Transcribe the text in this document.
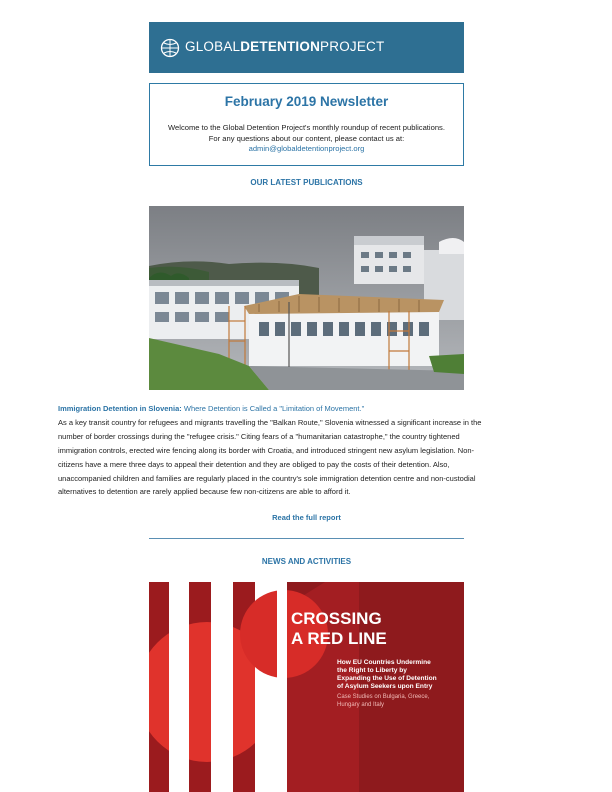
GLOBALDETENTIONPROJECT
February 2019 Newsletter
Welcome to the Global Detention Project's monthly roundup of recent publications.
For any questions about our content, please contact us at:
admin@globaldetentionproject.org
OUR LATEST PUBLICATIONS
Immigration Detention in Slovenia: Where Detention is Called a "Limitation of Movement."
As a key transit country for refugees and migrants travelling the "Balkan Route," Slovenia witnessed a significant increase in the number of border crossings during the "refugee crisis." Citing fears of a "humanitarian catastrophe," the country tightened immigration controls, erected wire fencing along its border with Croatia, and introduced stringent new asylum legislation. Non-citizens have a mere three days to appeal their detention and they are obliged to pay the costs of their detention. Also, unaccompanied children and families are regularly placed in the country's sole immigration detention centre and non-custodial alternatives to detention are rarely applied because few non-citizens are able to afford it.
Read the full report
NEWS AND ACTIVITIES
CROSSING
A RED LINE
How EU Countries Undermine
the Right to Liberty by
Expanding the Use of Detention
of Asylum Seekers upon Entry
Case Studies on Bulgaria, Greece,
Hungary and Italy
